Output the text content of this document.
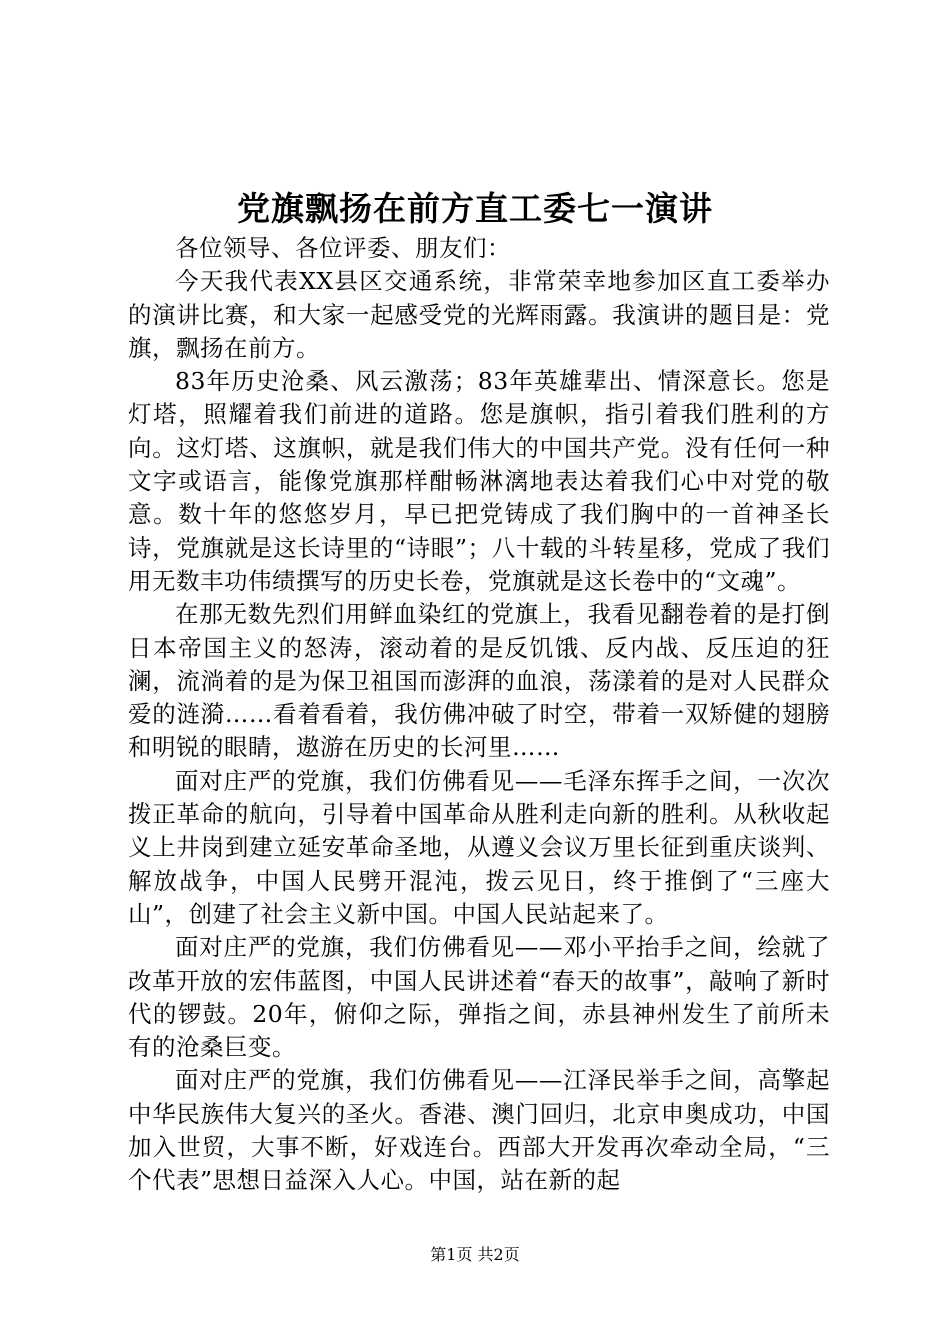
党旗飘扬在前方直工委七一演讲

各位领导、各位评委、朋友们：

今天我代表XX县区交通系统，非常荣幸地参加区直工委举办的演讲比赛，和大家一起感受党的光辉雨露。我演讲的题目是：党旗，飘扬在前方。

83年历史沧桑、风云激荡；83年英雄辈出、情深意长。您是灯塔，照耀着我们前进的道路。您是旗帜，指引着我们胜利的方向。这灯塔、这旗帜，就是我们伟大的中国共产党。没有任何一种文字或语言，能像党旗那样酣畅淋漓地表达着我们心中对党的敬意。数十年的悠悠岁月，早已把党铸成了我们胸中的一首神圣长诗，党旗就是这长诗里的“诗眼”；八十载的斗转星移，党成了我们用无数丰功伟绩撰写的历史长卷，党旗就是这长卷中的“文魂”。

在那无数先烈们用鲜血染红的党旗上，我看见翻卷着的是打倒日本帝国主义的怒涛，滚动着的是反饥饿、反内战、反压迫的狂澜，流淌着的是为保卫祖国而澎湃的血浪，荡漾着的是对人民群众爱的涟漪……看着看着，我仿佛冲破了时空，带着一双矫健的翅膀和明锐的眼睛，遨游在历史的长河里……

面对庄严的党旗，我们仿佛看见——毛泽东挥手之间，一次次拨正革命的航向，引导着中国革命从胜利走向新的胜利。从秋收起义上井岗到建立延安革命圣地，从遵义会议万里长征到重庆谈判、解放战争，中国人民劈开混沌，拨云见日，终于推倒了“三座大山”，创建了社会主义新中国。中国人民站起来了。

面对庄严的党旗，我们仿佛看见——邓小平抬手之间，绘就了改革开放的宏伟蓝图，中国人民讲述着“春天的故事”，敲响了新时代的锣鼓。20年，俯仰之际，弹指之间，赤县神州发生了前所未有的沧桑巨变。

面对庄严的党旗，我们仿佛看见——江泽民举手之间，高擎起中华民族伟大复兴的圣火。香港、澳门回归，北京申奥成功，中国加入世贸，大事不断，好戏连台。西部大开发再次牵动全局，“三个代表”思想日益深入人心。中国，站在新的起

第1页 共2页
